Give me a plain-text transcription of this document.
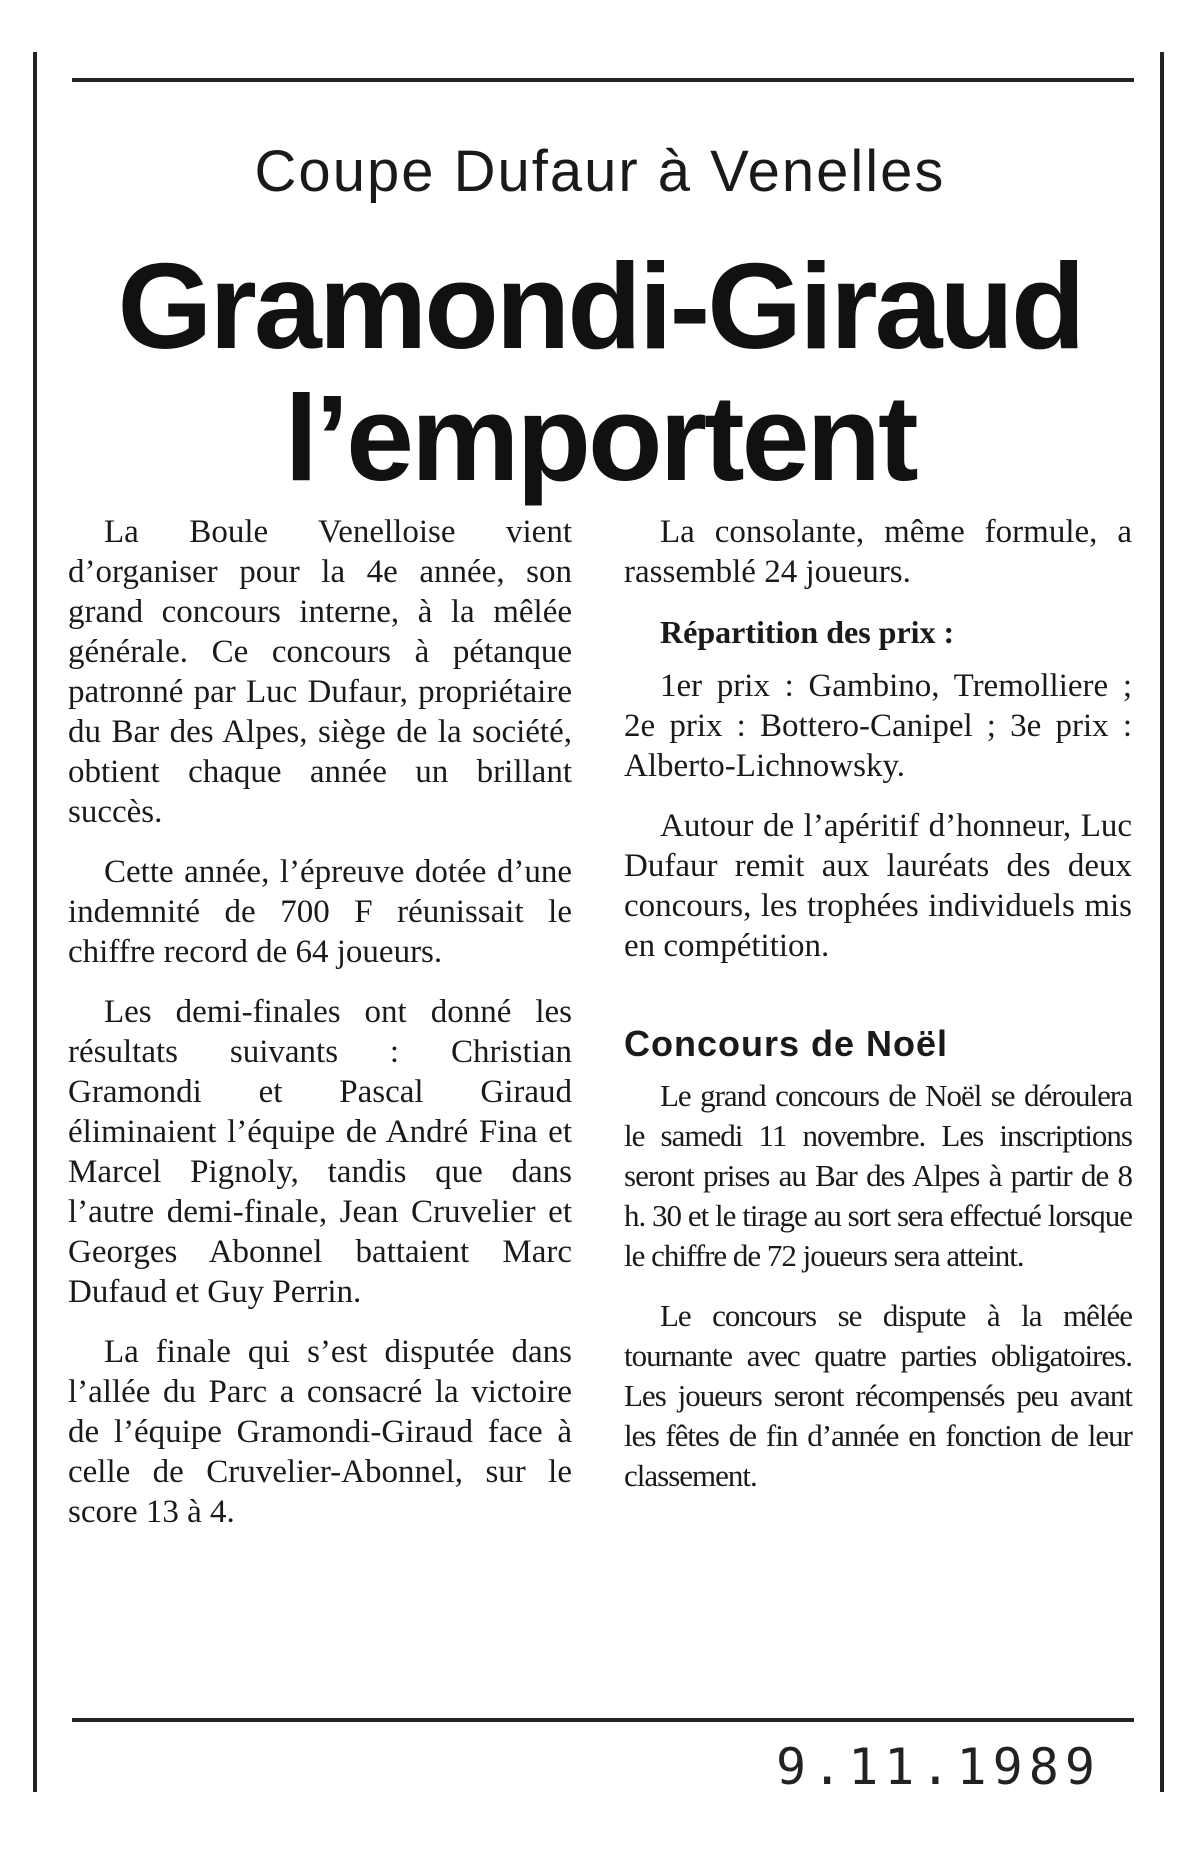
Coupe Dufaur à Venelles
Gramondi-Giraud
l’emportent

La Boule Venelloise vient d’organiser pour la 4e année, son grand concours interne, à la mêlée générale. Ce concours à pétanque patronné par Luc Dufaur, propriétaire du Bar des Alpes, siège de la société, obtient chaque année un brillant succès.

Cette année, l’épreuve dotée d’une indemnité de 700 F réunissait le chiffre record de 64 joueurs.

Les demi-finales ont donné les résultats suivants : Christian Gramondi et Pascal Giraud éliminaient l’équipe de André Fina et Marcel Pignoly, tandis que dans l’autre demi-finale, Jean Cruvelier et Georges Abonnel battaient Marc Dufaud et Guy Perrin.

La finale qui s’est disputée dans l’allée du Parc a consacré la victoire de l’équipe Gramondi-Giraud face à celle de Cruvelier-Abonnel, sur le score 13 à 4.

La consolante, même formule, a rassemblé 24 joueurs.

Répartition des prix :

1er prix : Gambino, Tremolliere ; 2e prix : Bottero-Canipel ; 3e prix : Alberto-Lichnowsky.

Autour de l’apéritif d’honneur, Luc Dufaur remit aux lauréats des deux concours, les trophées individuels mis en compétition.

Concours de Noël

Le grand concours de Noël se déroulera le samedi 11 novembre. Les inscriptions seront prises au Bar des Alpes à partir de 8 h. 30 et le tirage au sort sera effectué lorsque le chiffre de 72 joueurs sera atteint.

Le concours se dispute à la mêlée tournante avec quatre parties obligatoires. Les joueurs seront récompensés peu avant les fêtes de fin d’année en fonction de leur classement.

9.11.1989
